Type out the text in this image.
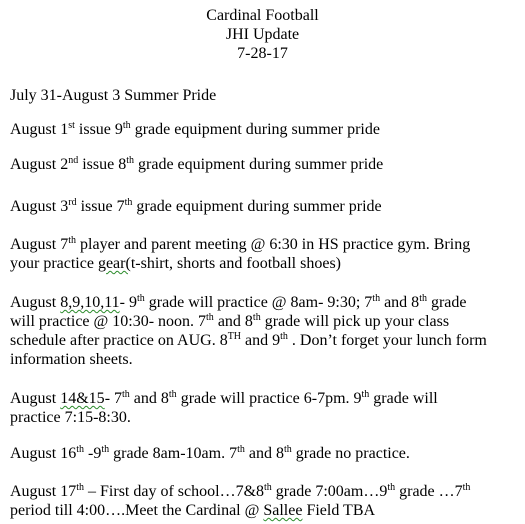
Cardinal Football
JHI Update
7-28-17
July 31-August 3 Summer Pride
August 1st issue 9th grade equipment during summer pride
August 2nd issue 8th grade equipment during summer pride
August 3rd issue 7th grade equipment during summer pride
August 7th player and parent meeting @ 6:30 in HS practice gym. Bring
your practice gear(t-shirt, shorts and football shoes)
August 8,9,10,11- 9th grade will practice @ 8am- 9:30; 7th and 8th grade
will practice @ 10:30- noon. 7th and 8th grade will pick up your class
schedule after practice on AUG. 8TH and 9th . Don’t forget your lunch form
information sheets.
August 14&15- 7th and 8th grade will practice 6-7pm. 9th grade will
practice 7:15-8:30.
August 16th -9th grade 8am-10am. 7th and 8th grade no practice.
August 17th – First day of school…7&8th grade 7:00am…9th grade …7th
period till 4:00….Meet the Cardinal @ Sallee Field TBA
